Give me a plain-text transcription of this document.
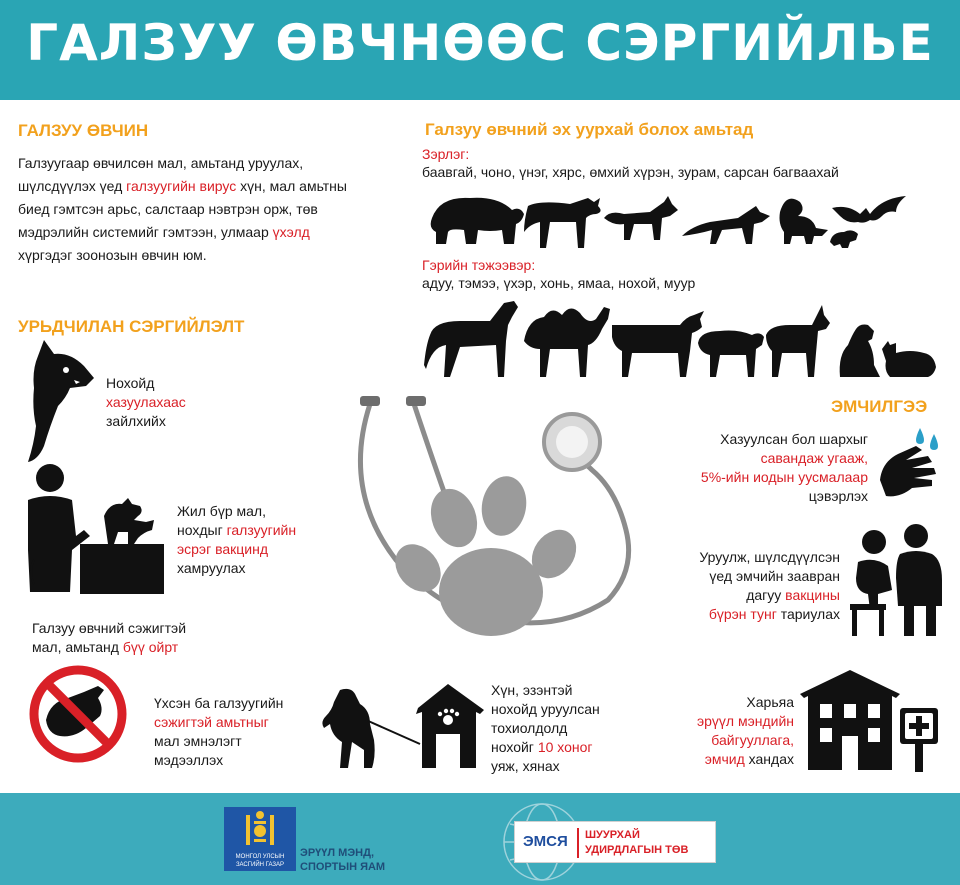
ГАЛЗУУ ӨВЧНӨӨС СЭРГИЙЛЬЕ
ГАЛЗУУ ӨВЧИН
Галзуугаар өвчилсөн мал, амьтанд уруулах,
шүлсдүүлэх үед галзуугийн вирус хүн, мал амьтны
биед гэмтсэн арьс, салстаар нэвтрэн орж, төв
мэдрэлийн системийг гэмтээн, улмаар үхэлд
хүргэдэг зоонозын өвчин юм.
Галзуу өвчний эх уурхай болох амьтад
Зэрлэг:
баавгай, чоно, үнэг, хярс, өмхий хүрэн, зурам, сарсан багваахай
Гэрийн тэжээвэр:
адуу, тэмээ, үхэр, хонь, ямаа, нохой, муур
УРЬДЧИЛАН СЭРГИЙЛЭЛТ
Нохойд
хазуулахаас
зайлхийх
Жил бүр мал,
нохдыг галзуугийн
эсрэг вакцинд
хамруулах
Галзуу өвчний сэжигтэй
мал, амьтанд бүү ойрт
Үхсэн ба галзуугийн
сэжигтэй амьтныг
мал эмнэлэгт
мэдээллэх
Хүн, эзэнтэй
нохойд уруулсан
тохиолдолд
нохойг 10 хоног
уяж, хянах
ЭМЧИЛГЭЭ
Хазуулсан бол шархыг
савандаж угааж,
5%-ийн иодын уусмалаар
цэвэрлэх
Уруулж, шүлсдүүлсэн
үед эмчийн заавран
дагуу вакцины
бүрэн тунг тариулах
Харьяа
эрүүл мэндийн
байгууллага,
эмчид хандах
МОНГОЛ УЛСЫН
ЗАСГИЙН ГАЗАР
ЭРҮҮЛ МЭНД,
СПОРТЫН ЯАМ
ЭМСЯ ШУУРХАЙ
УДИРДЛАГЫН ТӨВ
